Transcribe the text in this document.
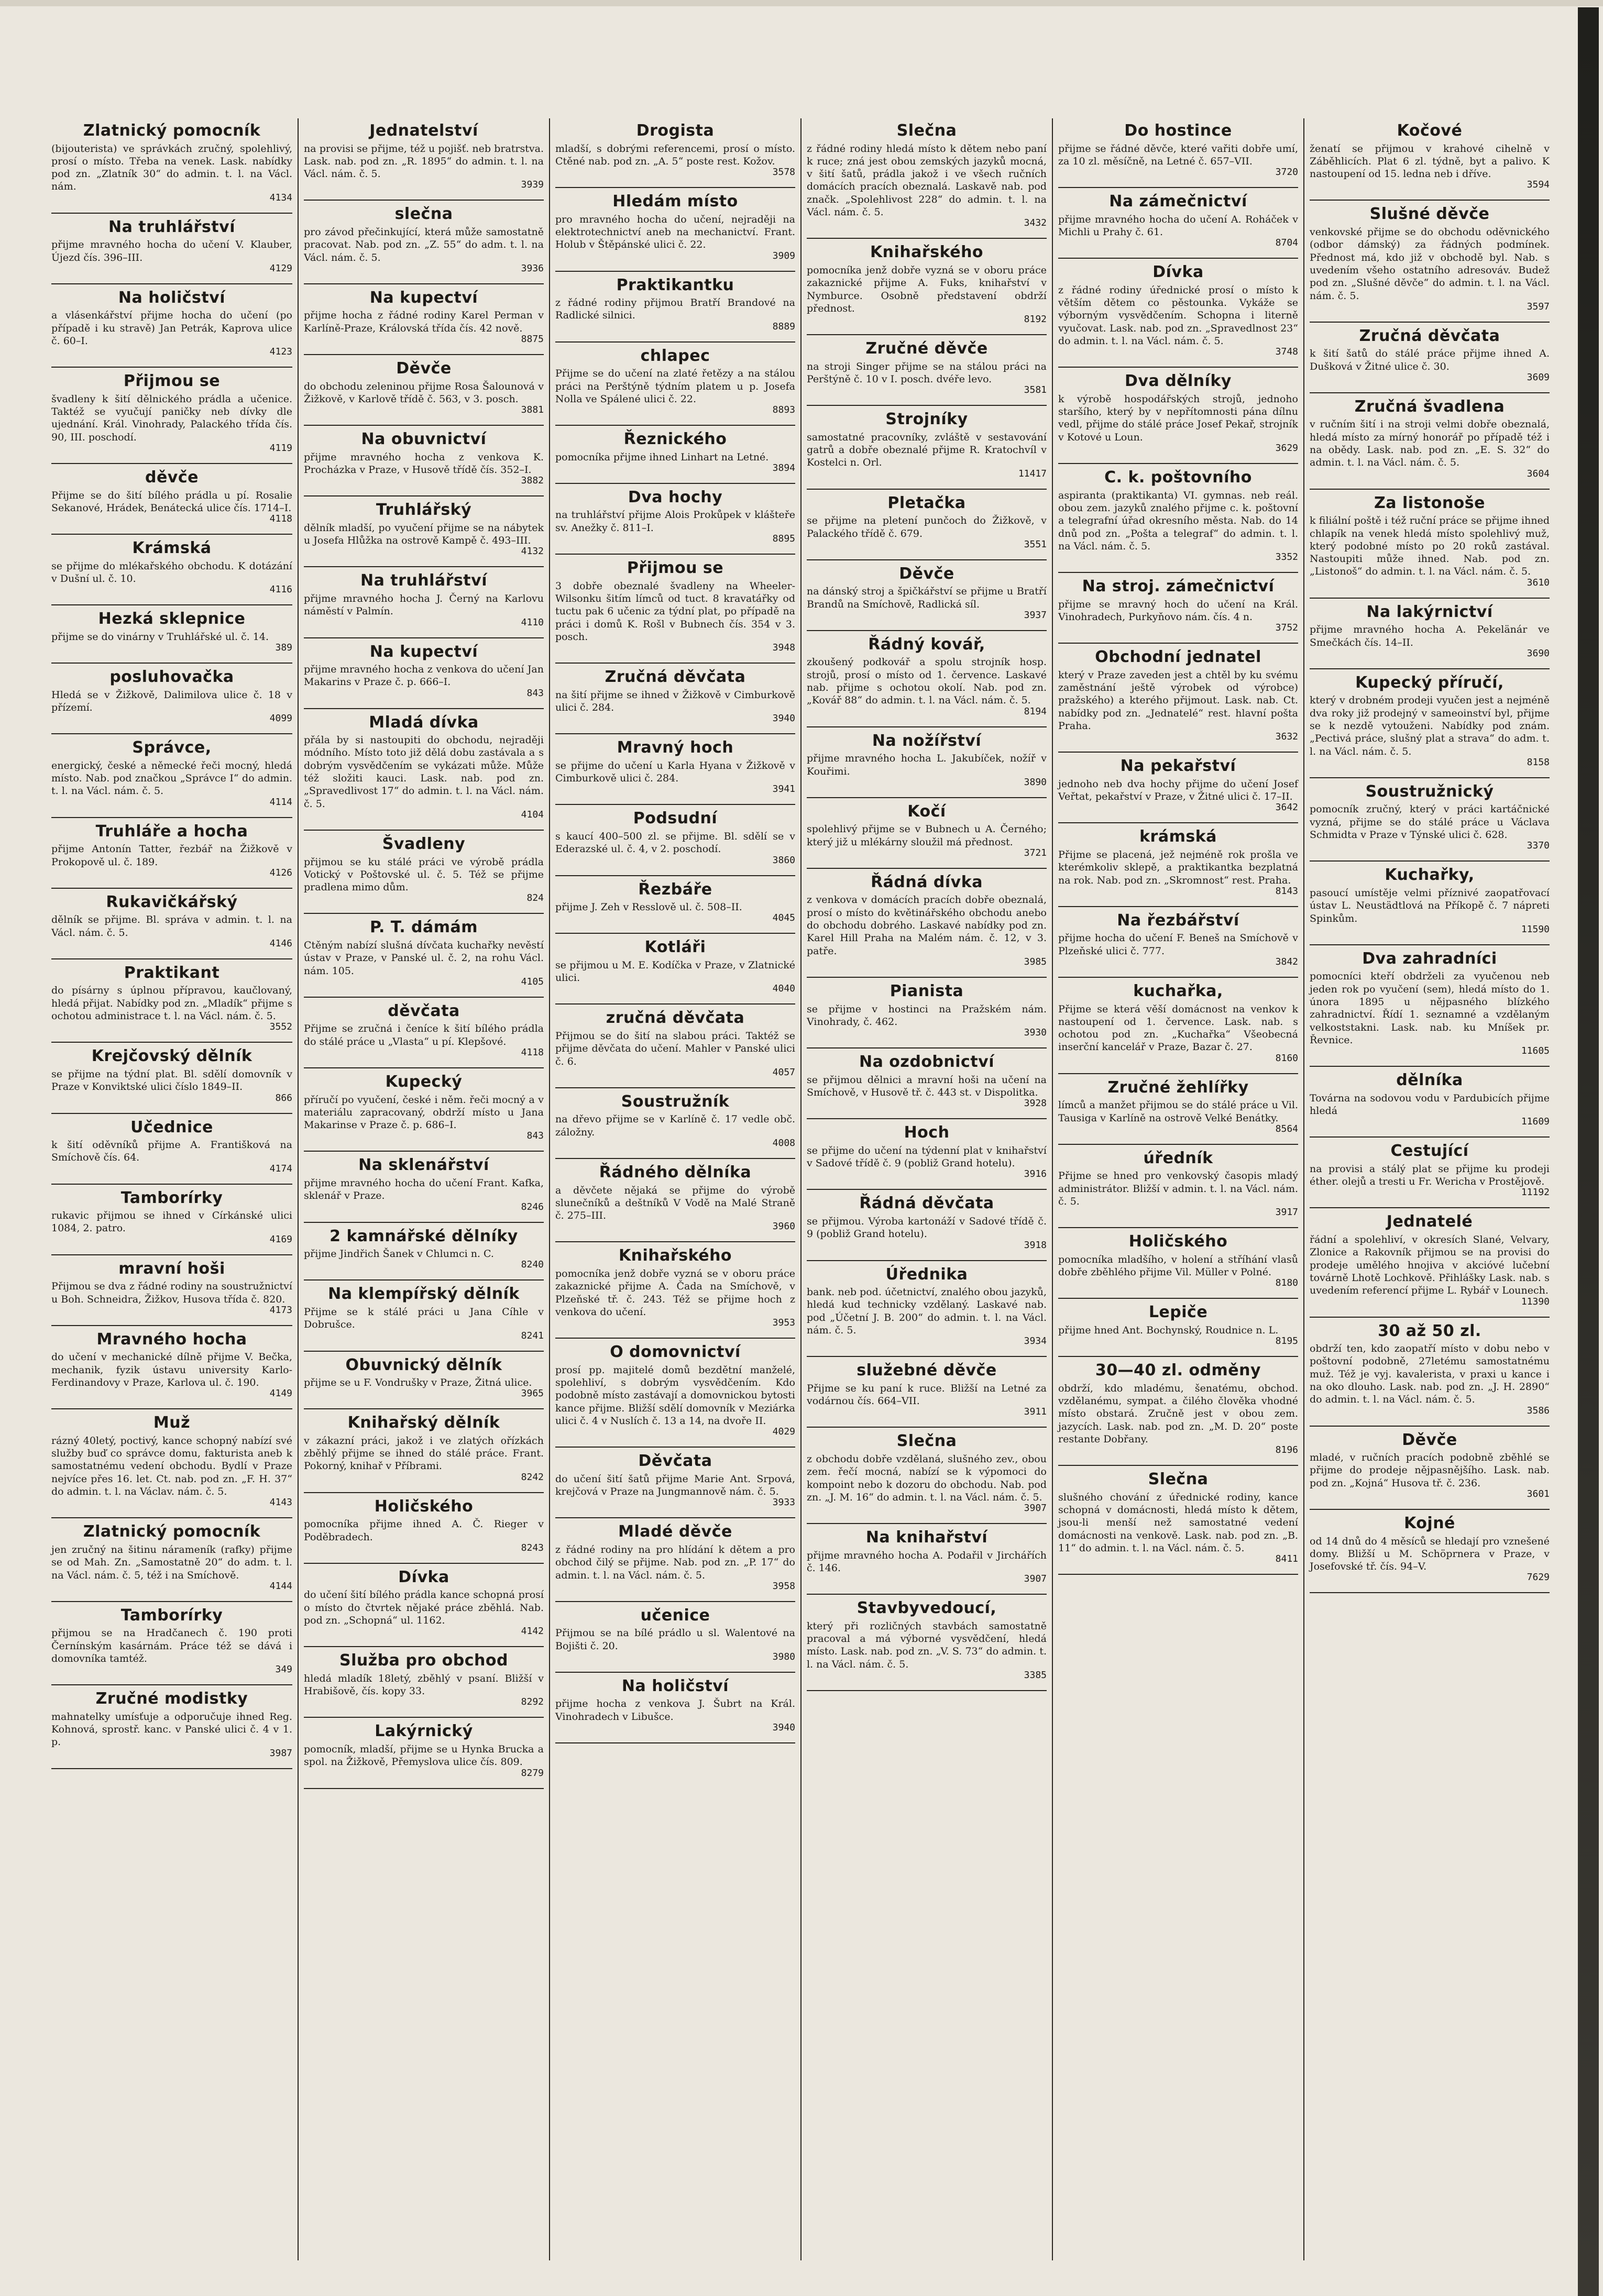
Zlatnický pomocník
(bijouterista) ve správkách zručný, spolehlivý, prosí o místo. Třeba na venek. Lask. nabídky pod zn. „Zlatník 30“ do admin. t. l. na Václ. nám.
4134
Na truhlářství
přijme mravného hocha do učení V. Klauber, Újezd čís. 396–III.
4129
Na holičství
a vlásenkářství přijme hocha do učení (po případě i ku stravě) Jan Petrák, Kaprova ulice č. 60–I.
4123
Přijmou se
švadleny k šití dělnického prádla a učenice. Taktéž se vyučují paničky neb dívky dle ujednání. Král. Vinohrady, Palackého třída čís. 90, III. poschodí.
4119
děvče
Přijme se do šití bílého prádla u pí. Rosalie Sekanové, Hrádek, Benátecká ulice čís. 1714–I.
4118
Krámská
se přijme do mlékařského obchodu. K dotázání v Dušní ul. č. 10.
4116
Hezká sklepnice
přijme se do vinárny v Truhlářské ul. č. 14.
389
posluhovačka
Hledá se v Žižkově, Dalimilova ulice č. 18 v přízemí.
4099
Správce,
energický, české a německé řeči mocný, hledá místo. Nab. pod značkou „Správce I“ do admin. t. l. na Václ. nám. č. 5.
4114
Truhláře a hocha
přijme Antonín Tatter, řezbář na Žižkově v Prokopově ul. č. 189.
4126
Rukavičkářský
dělník se přijme. Bl. správa v admin. t. l. na Václ. nám. č. 5.
4146
Praktikant
do písárny s úplnou přípravou, kaučlovaný, hledá přijat. Nabídky pod zn. „Mladík“ přijme s ochotou administrace t. l. na Václ. nám. č. 5.
3552
Krejčovský dělník
se přijme na týdní plat. Bl. sdělí domovník v Praze v Konviktské ulici číslo 1849–II.
866
Učednice
k šití oděvníků přijme A. Františková na Smíchově čís. 64.
4174
Tamborírky
rukavic přijmou se ihned v Církánské ulici 1084, 2. patro.
4169
mravní hoši
Přijmou se dva z řádné rodiny na soustružnictví u Boh. Schneidra, Žižkov, Husova třída č. 820.
4173
Mravného hocha
do učení v mechanické dílně přijme V. Bečka, mechanik, fyzik ústavu university Karlo-Ferdinandovy v Praze, Karlova ul. č. 190.
4149
Muž
rázný 40letý, poctivý, kance schopný nabízí své služby buď co správce domu, fakturista aneb k samostatnému vedení obchodu. Bydlí v Praze nejvíce přes 16. let. Ct. nab. pod zn. „F. H. 37“ do admin. t. l. na Václav. nám. č. 5.
4143
Zlatnický pomocník
jen zručný na šitinu nárameník (rafky) přijme se od Mah. Zn. „Samostatně 20“ do adm. t. l. na Václ. nám. č. 5, též i na Smíchově.
4144
Tamborírky
přijmou se na Hradčanech č. 190 proti Černínským kasárnám. Práce též se dává i domovníka tamtéž.
349
Zručné modistky
mahnatelky umísťuje a odporučuje ihned Reg. Kohnová, sprostř. kanc. v Panské ulici č. 4 v 1. p.
3987
Jednatelství
na provisi se přijme, též u pojišť. neb bratrstva. Lask. nab. pod zn. „R. 1895“ do admin. t. l. na Václ. nám. č. 5.
3939
slečna
pro závod přečinkující, která může samostatně pracovat. Nab. pod zn. „Z. 55“ do adm. t. l. na Václ. nám. č. 5.
3936
Na kupectví
přijme hocha z řádné rodiny Karel Perman v Karlíně-Praze, Královská třída čís. 42 nově.
8875
Děvče
do obchodu zeleninou přijme Rosa Šalounová v Žižkově, v Karlově třídě č. 563, v 3. posch.
3881
Na obuvnictví
přijme mravného hocha z venkova K. Procházka v Praze, v Husově třídě čís. 352–I.
3882
Truhlářský
dělník mladší, po vyučení přijme se na nábytek u Josefa Hlůžka na ostrově Kampě č. 493–III.
4132
Na truhlářství
přijme mravného hocha J. Černý na Karlovu náměstí v Palmín.
4110
Na kupectví
přijme mravného hocha z venkova do učení Jan Makarins v Praze č. p. 666–I.
843
Mladá dívka
přála by si nastoupiti do obchodu, nejraději módního. Místo toto již dělá dobu zastávala a s dobrým vysvědčením se vykázati může. Může též složiti kauci. Lask. nab. pod zn. „Spravedlivost 17“ do admin. t. l. na Václ. nám. č. 5.
4104
Švadleny
přijmou se ku stálé práci ve výrobě prádla Votický v Poštovské ul. č. 5. Též se přijme pradlena mimo dům.
824
P. T. dámám
Ctěným nabízí slušná dívčata kuchařky nevěstí ústav v Praze, v Panské ul. č. 2, na rohu Václ. nám. 105.
4105
děvčata
Přijme se zručná i čeníce k šití bílého prádla do stálé práce u „Vlasta“ u pí. Klepšové.
4118
Kupecký
příručí po vyučení, české i něm. řeči mocný a v materiálu zapracovaný, obdrží místo u Jana Makarinse v Praze č. p. 686–I.
843
Na sklenářství
přijme mravného hocha do učení Frant. Kafka, sklenář v Praze.
8246
2 kamnářské dělníky
přijme Jindřich Šanek v Chlumci n. C.
8240
Na klempířský dělník
Přijme se k stálé práci u Jana Cíhle v Dobrušce.
8241
Obuvnický dělník
přijme se u F. Vondrušky v Praze, Žitná ulice.
3965
Knihařský dělník
v zákazní práci, jakož i ve zlatých ořízkách zběhlý přijme se ihned do stálé práce. Frant. Pokorný, knihař v Příbrami.
8242
Holičského
pomocníka přijme ihned A. Č. Rieger v Poděbradech.
8243
Dívka
do učení šití bílého prádla kance schopná prosí o místo do čtvrtek nějaké práce zběhlá. Nab. pod zn. „Schopná“ ul. 1162.
4142
Služba pro obchod
hledá mladík 18letý, zběhlý v psaní. Bližší v Hrabišově, čís. kopy 33.
8292
Lakýrnický
pomocník, mladší, přijme se u Hynka Brucka a spol. na Žižkově, Přemyslova ulice čís. 809.
8279
Drogista
mladší, s dobrými referencemi, prosí o místo. Ctěné nab. pod zn. „A. 5“ poste rest. Kožov.
3578
Hledám místo
pro mravného hocha do učení, nejraději na elektrotechnictví aneb na mechanictví. Frant. Holub v Štěpánské ulici č. 22.
3909
Praktikantku
z řádné rodiny přijmou Bratří Brandové na Radlické silnici.
8889
chlapec
Přijme se do učení na zlaté řetězy a na stálou práci na Perštýně týdním platem u p. Josefa Nolla ve Spálené ulici č. 22.
8893
Řeznického
pomocníka přijme ihned Linhart na Letné.
3894
Dva hochy
na truhlářství přijme Alois Prokůpek v klášteře sv. Anežky č. 811–I.
8895
Přijmou se
3 dobře obeznalé švadleny na Wheeler-Wilsonku šitím límců od tuct. 8 kravatářky od tuctu pak 6 učenic za týdní plat, po případě na práci i domů K. Rošl v Bubnech čís. 354 v 3. posch.
3948
Zručná děvčata
na šití přijme se ihned v Žižkově v Cimburkově ulici č. 284.
3940
Mravný hoch
se přijme do učení u Karla Hyana v Žižkově v Cimburkově ulici č. 284.
3941
Podsudní
s kaucí 400–500 zl. se přijme. Bl. sdělí se v Ederazské ul. č. 4, v 2. poschodí.
3860
Řezbáře
přijme J. Zeh v Resslově ul. č. 508–II.
4045
Kotláři
se přijmou u M. E. Kodíčka v Praze, v Zlatnické ulici.
4040
zručná děvčata
Přijmou se do šití na slabou práci. Taktéž se přijme děvčata do učení. Mahler v Panské ulici č. 6.
4057
Soustružník
na dřevo přijme se v Karlíně č. 17 vedle obč. záložny.
4008
Řádného dělníka
a děvčete nějaká se přijme do výrobě slunečníků a deštníků V Vodě na Malé Straně č. 275–III.
3960
Knihařského
pomocníka jenž dobře vyzná se v oboru práce zakaznické přijme A. Čada na Smíchově, v Plzeňské tř. č. 243. Též se přijme hoch z venkova do učení.
3953
O domovnictví
prosí pp. majitelé domů bezdětní manželé, spolehliví, s dobrým vysvědčením. Kdo podobně místo zastávají a domovnickou bytosti kance přijme. Bližší sdělí domovník v Meziárka ulici č. 4 v Nuslích č. 13 a 14, na dvoře II.
4029
Děvčata
do učení šití šatů přijme Marie Ant. Srpová, krejčová v Praze na Jungmannově nám. č. 5.
3933
Mladé děvče
z řádné rodiny na pro hlídání k dětem a pro obchod čilý se přijme. Nab. pod zn. „P. 17“ do admin. t. l. na Václ. nám. č. 5.
3958
učenice
Přijmou se na bílé prádlo u sl. Walentové na Bojišti č. 20.
3980
Na holičství
přijme hocha z venkova J. Šubrt na Král. Vinohradech v Libušce.
3940
Slečna
z řádné rodiny hledá místo k dětem nebo paní k ruce; zná jest obou zemských jazyků mocná, v šití šatů, prádla jakož i ve všech ručních domácích pracích obeznalá. Laskavě nab. pod značk. „Spolehlivost 228“ do admin. t. l. na Václ. nám. č. 5.
3432
Knihařského
pomocníka jenž dobře vyzná se v oboru práce zakaznické přijme A. Fuks, knihařství v Nymburce. Osobně představení obdrží přednost.
8192
Zručné děvče
na stroji Singer přijme se na stálou práci na Perštýně č. 10 v I. posch. dvéře levo.
3581
Strojníky
samostatné pracovníky, zvláště v sestavování gatrů a dobře obeznalé přijme R. Kratochvíl v Kostelci n. Orl.
11417
Pletačka
se přijme na pletení punčoch do Žižkově, v Palackého třídě č. 679.
3551
Děvče
na dánský stroj a špičkářství se přijme u Bratří Brandů na Smíchově, Radlická síl.
3937
Řádný kovář,
zkoušený podkovář a spolu strojník hosp. strojů, prosí o místo od 1. července. Laskavé nab. přijme s ochotou okolí. Nab. pod zn. „Kovář 88“ do admin. t. l. na Václ. nám. č. 5.
8194
Na nožířství
přijme mravného hocha L. Jakubíček, nožíř v Kouřimi.
3890
Kočí
spolehlivý přijme se v Bubnech u A. Černého; který již u mlékárny sloužil má přednost.
3721
Řádná dívka
z venkova v domácích pracích dobře obeznalá, prosí o místo do květinářského obchodu anebo do obchodu dobrého. Laskavé nabídky pod zn. Karel Hill Praha na Malém nám. č. 12, v 3. patře.
3985
Pianista
se přijme v hostinci na Pražském nám. Vinohrady, č. 462.
3930
Na ozdobnictví
se přijmou dělnici a mravní hoši na učení na Smíchově, v Husově tř. č. 443 st. v Dispolitka.
3928
Hoch
se přijme do učení na týdenní plat v knihařství v Sadové třídě č. 9 (pobliž Grand hotelu).
3916
Řádná děvčata
se přijmou. Výroba kartonáží v Sadové třídě č. 9 (pobliž Grand hotelu).
3918
Úřednika
bank. neb pod. účetnictví, znalého obou jazyků, hledá kud technicky vzdělaný. Laskavé nab. pod „Účetní J. B. 200“ do admin. t. l. na Václ. nám. č. 5.
3934
služebné děvče
Přijme se ku paní k ruce. Bližší na Letné za vodárnou čís. 664–VII.
3911
Slečna
z obchodu dobře vzdělaná, slušného zev., obou zem. řečí mocná, nabízí se k výpomoci do kompoint nebo k dozoru do obchodu. Nab. pod zn. „J. M. 16“ do admin. t. l. na Václ. nám. č. 5.
3907
Na knihařství
přijme mravného hocha A. Podařil v Jirchářích č. 146.
3907
Stavbyvedoucí,
který při rozličných stavbách samostatně pracoval a má výborné vysvědčení, hledá místo. Lask. nab. pod zn. „V. S. 73“ do admin. t. l. na Václ. nám. č. 5.
3385
Do hostince
přijme se řádné děvče, které vařiti dobře umí, za 10 zl. měsíčně, na Letné č. 657–VII.
3720
Na zámečnictví
přijme mravného hocha do učení A. Roháček v Michli u Prahy č. 61.
8704
Dívka
z řádné rodiny úřednické prosí o místo k větším dětem co pěstounka. Vykáže se výborným vysvědčením. Schopna i literně vyučovat. Lask. nab. pod zn. „Spravedlnost 23“ do admin. t. l. na Václ. nám. č. 5.
3748
Dva dělníky
k výrobě hospodářských strojů, jednoho staršího, který by v nepřítomnosti pána dílnu vedl, přijme do stálé práce Josef Pekař, strojník v Kotové u Loun.
3629
C. k. poštovního
aspiranta (praktikanta) VI. gymnas. neb reál. obou zem. jazyků znalého přijme c. k. poštovní a telegrafní úřad okresního města. Nab. do 14 dnů pod zn. „Pošta a telegraf“ do admin. t. l. na Václ. nám. č. 5.
3352
Na stroj. zámečnictví
přijme se mravný hoch do učení na Král. Vinohradech, Purkyňovo nám. čís. 4 n.
3752
Obchodní jednatel
který v Praze zaveden jest a chtěl by ku svému zaměstnání ještě výrobek od výrobce) pražského) a kterého přijmout. Lask. nab. Ct. nabídky pod zn. „Jednatelé“ rest. hlavní pošta Praha.
3632
Na pekařství
jednoho neb dva hochy přijme do učení Josef Veřtat, pekařství v Praze, v Žitné ulici č. 17–II.
3642
krámská
Přijme se placená, jež nejméně rok prošla ve kterémkoliv sklepě, a praktikantka bezplatná na rok. Nab. pod zn. „Skromnost“ rest. Praha.
8143
Na řezbářství
přijme hocha do učení F. Beneš na Smíchově v Plzeňské ulici č. 777.
3842
kuchařka,
Přijme se která věší domácnost na venkov k nastoupení od 1. července. Lask. nab. s ochotou pod zn. „Kuchařka“ Všeobecná inserční kancelář v Praze, Bazar č. 27.
8160
Zručné žehlířky
límců a manžet přijmou se do stálé práce u Vil. Tausiga v Karlíně na ostrově Velké Benátky.
8564
úředník
Přijme se hned pro venkovský časopis mladý administrátor. Bližší v admin. t. l. na Václ. nám. č. 5.
3917
Holičského
pomocníka mladšího, v holení a stříhání vlasů dobře zběhlého přijme Vil. Müller v Polné.
8180
Lepiče
přijme hned Ant. Bochynský, Roudnice n. L.
8195
30—40 zl. odměny
obdrží, kdo mladému, šenatému, obchod. vzdělanému, sympat. a čilého člověka vhodné místo obstará. Zručně jest v obou zem. jazycích. Lask. nab. pod zn. „M. D. 20“ poste restante Dobřany.
8196
Slečna
slušného chování z úřednické rodiny, kance schopná v domácnosti, hledá místo k dětem, jsou-li menší než samostatné vedení domácnosti na venkově. Lask. nab. pod zn. „B. 11“ do admin. t. l. na Václ. nám. č. 5.
8411
Kočové
ženatí se přijmou v krahové cihelně v Záběhlicích. Plat 6 zl. týdně, byt a palivo. K nastoupení od 15. ledna neb i dříve.
3594
Slušné děvče
venkovské přijme se do obchodu oděvnického (odbor dámský) za řádných podmínek. Přednost má, kdo již v obchodě byl. Nab. s uvedením všeho ostatního adresováv. Budež pod zn. „Slušné děvče“ do admin. t. l. na Václ. nám. č. 5.
3597
Zručná děvčata
k šití šatů do stálé práce přijme ihned A. Dušková v Žitné ulice č. 30.
3609
Zručná švadlena
v ručním šití i na stroji velmi dobře obeznalá, hledá místo za mírný honorář po případě též i na obědy. Lask. nab. pod zn. „E. S. 32“ do admin. t. l. na Václ. nám. č. 5.
3604
Za listonoše
k filiální poště i též ruční práce se přijme ihned chlapík na venek hledá místo spolehlivý muž, který podobné místo po 20 roků zastával. Nastoupiti může ihned. Nab. pod zn. „Listonoš“ do admin. t. l. na Václ. nám. č. 5.
3610
Na lakýrnictví
přijme mravného hocha A. Pekelänár ve Smečkách čís. 14–II.
3690
Kupecký příručí,
který v drobném prodeji vyučen jest a nejméně dva roky již prodejný v sameoinství byl, přijme se k nezdě vytouženi. Nabídky pod znám. „Pectivá práce, slušný plat a strava“ do adm. t. l. na Václ. nám. č. 5.
8158
Soustružnický
pomocník zručný, který v práci kartáčnické vyzná, přijme se do stálé práce u Václava Schmidta v Praze v Týnské ulici č. 628.
3370
Kuchařky,
pasoucí umístěje velmi příznivé zaopatřovací ústav L. Neustädtlová na Příkopě č. 7 nápreti Spinkům.
11590
Dva zahradníci
pomocníci kteří obdrželi za vyučenou neb jeden rok po vyučení (sem), hledá místo do 1. února 1895 u nějpasného blízkého zahradnictví. Řídí 1. seznamné a vzdělaným velkoststakni. Lask. nab. ku Mníšek pr. Řevnice.
11605
dělníka
Továrna na sodovou vodu v Pardubicích přijme hledá
11609
Cestující
na provisi a stálý plat se přijme ku prodeji éther. olejů a tresti u Fr. Wericha v Prostějově.
11192
Jednatelé
řádní a spolehliví, v okresích Slané, Velvary, Zlonice a Rakovník přijmou se na provisi do prodeje umělého hnojiva v akcióvé lučební továrně Lhotě Lochkově. Přihlášky Lask. nab. s uvedením referencí přijme L. Rybář v Lounech.
11390
30 až 50 zl.
obdrží ten, kdo zaopatří místo v dobu nebo v poštovní podobně, 27letému samostatnému muž. Též je vyj. kavalerista, v praxi u kance i na oko dlouho. Lask. nab. pod zn. „J. H. 2890“ do admin. t. l. na Václ. nám. č. 5.
3586
Děvče
mladé, v ručních pracích podobně zběhlé se přijme do prodeje nějpasnějšího. Lask. nab. pod zn. „Kojná“ Husova tř. č. 236.
3601
Kojné
od 14 dnů do 4 měsíců se hledají pro vznešené domy. Bližší u M. Schöprnera v Praze, v Josefovské tř. čís. 94–V.
7629
